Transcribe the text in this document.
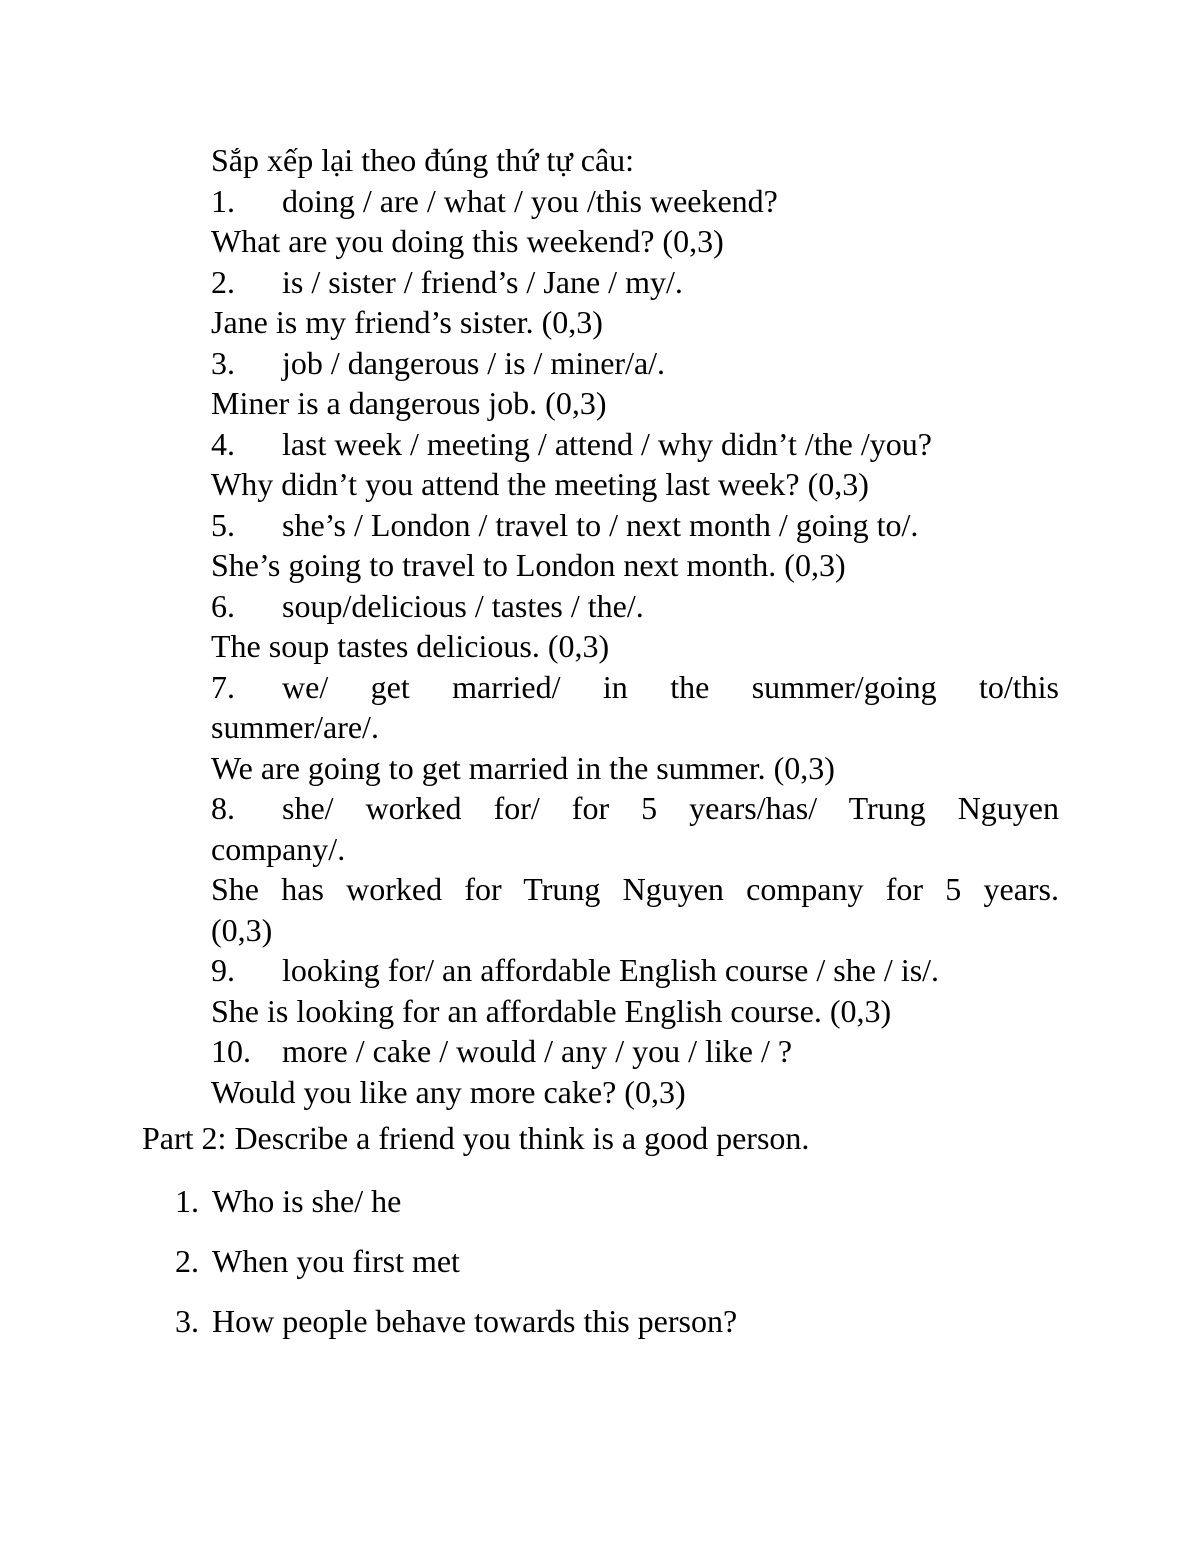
Sắp xếp lại theo đúng thứ tự câu:
1.	doing / are / what / you /this weekend?
What are you doing this weekend? (0,3)
2.	is / sister / friend’s / Jane / my/.
Jane is my friend’s sister. (0,3)
3.	job / dangerous / is / miner/a/.
Miner is a dangerous job. (0,3)
4.	last week / meeting / attend / why didn’t /the /you?
Why didn’t you attend the meeting last week? (0,3)
5.	she’s / London / travel to / next month / going to/.
She’s going to travel to London next month. (0,3)
6.	soup/delicious / tastes / the/.
The soup tastes delicious. (0,3)
7. we/ get married/ in the summer/going to/this summer/are/.
We are going to get married in the summer. (0,3)
8. she/ worked for/ for 5 years/has/ Trung Nguyen company/.
She has worked for Trung Nguyen company for 5 years. (0,3)
9.	looking for/ an affordable English course / she / is/.
She is looking for an affordable English course. (0,3)
10. more / cake / would / any / you / like / ?
Would you like any more cake? (0,3)
Part 2: Describe a friend you think is a good person.
1. Who is she/ he
2. When you first met
3. How people behave towards this person?
